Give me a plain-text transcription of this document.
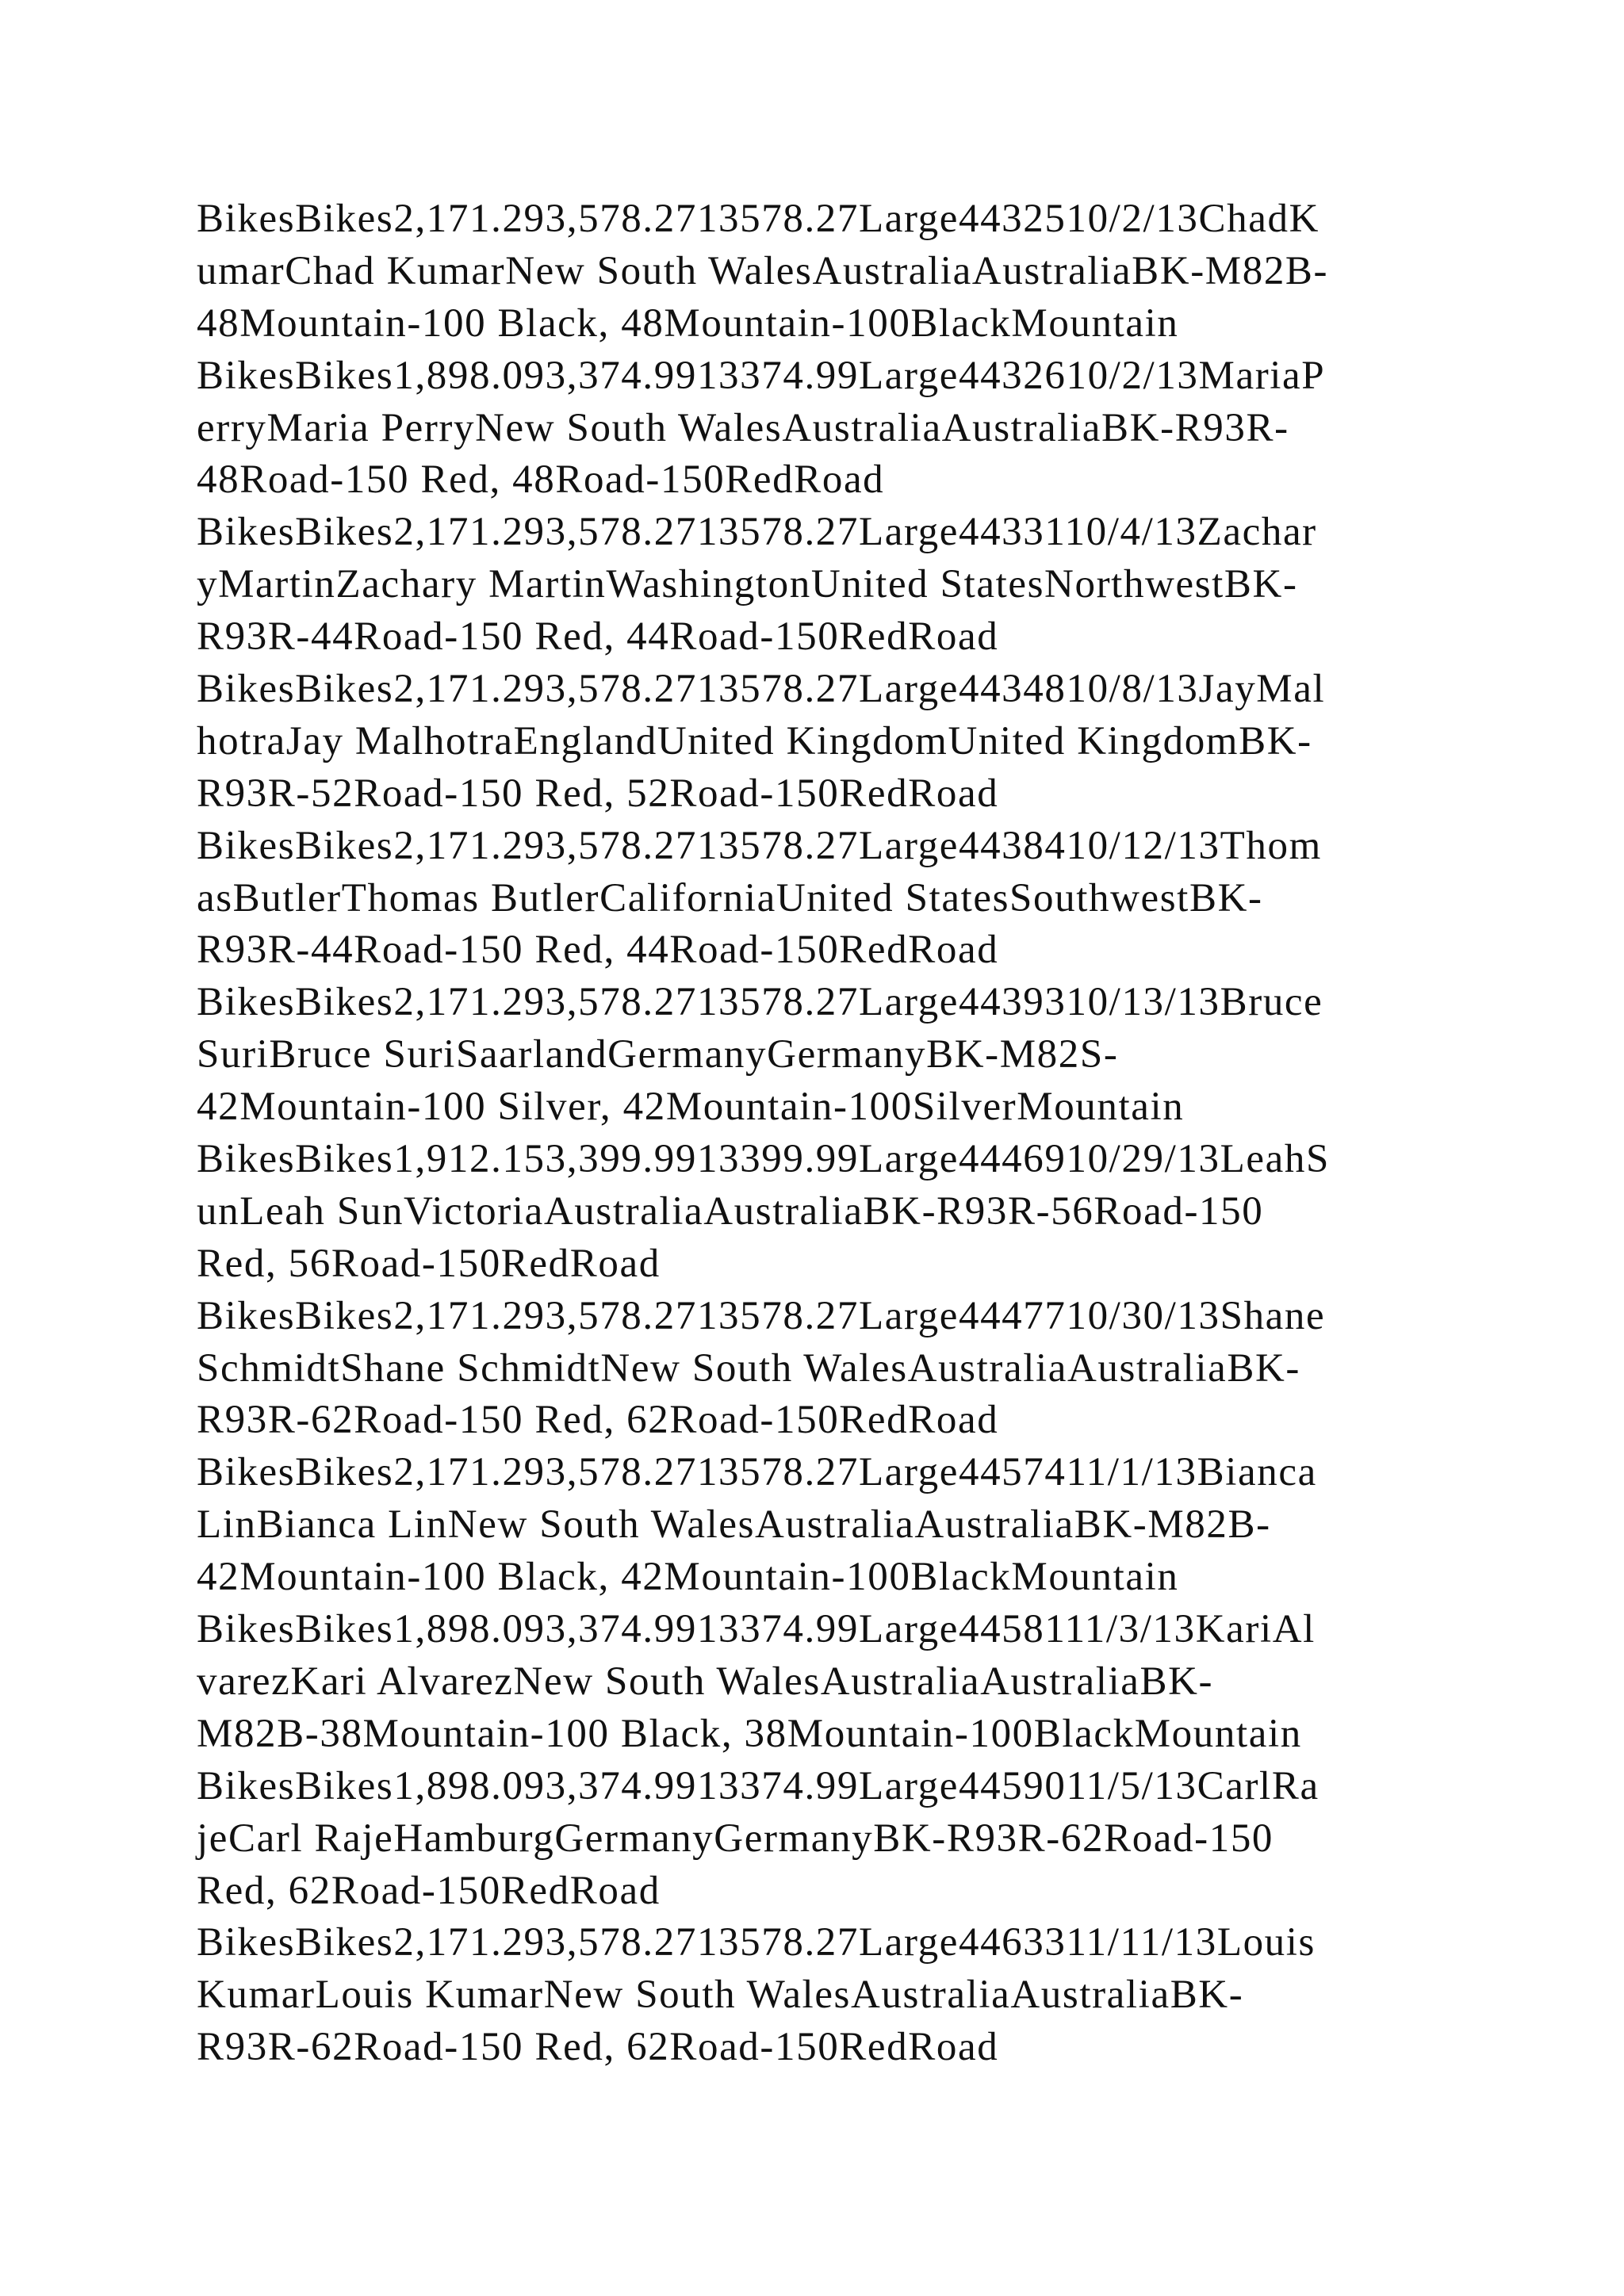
BikesBikes2,171.293,578.2713578.27Large4432510/2/13ChadK
umarChad KumarNew South WalesAustraliaAustraliaBK-M82B-
48Mountain-100 Black, 48Mountain-100BlackMountain
BikesBikes1,898.093,374.9913374.99Large4432610/2/13MariaP
erryMaria PerryNew South WalesAustraliaAustraliaBK-R93R-
48Road-150 Red, 48Road-150RedRoad
BikesBikes2,171.293,578.2713578.27Large4433110/4/13Zachar
yMartinZachary MartinWashingtonUnited StatesNorthwestBK-
R93R-44Road-150 Red, 44Road-150RedRoad
BikesBikes2,171.293,578.2713578.27Large4434810/8/13JayMal
hotraJay MalhotraEnglandUnited KingdomUnited KingdomBK-
R93R-52Road-150 Red, 52Road-150RedRoad
BikesBikes2,171.293,578.2713578.27Large4438410/12/13Thom
asButlerThomas ButlerCaliforniaUnited StatesSouthwestBK-
R93R-44Road-150 Red, 44Road-150RedRoad
BikesBikes2,171.293,578.2713578.27Large4439310/13/13Bruce
SuriBruce SuriSaarlandGermanyGermanyBK-M82S-
42Mountain-100 Silver, 42Mountain-100SilverMountain
BikesBikes1,912.153,399.9913399.99Large4446910/29/13LeahS
unLeah SunVictoriaAustraliaAustraliaBK-R93R-56Road-150
Red, 56Road-150RedRoad
BikesBikes2,171.293,578.2713578.27Large4447710/30/13Shane
SchmidtShane SchmidtNew South WalesAustraliaAustraliaBK-
R93R-62Road-150 Red, 62Road-150RedRoad
BikesBikes2,171.293,578.2713578.27Large4457411/1/13Bianca
LinBianca LinNew South WalesAustraliaAustraliaBK-M82B-
42Mountain-100 Black, 42Mountain-100BlackMountain
BikesBikes1,898.093,374.9913374.99Large4458111/3/13KariAl
varezKari AlvarezNew South WalesAustraliaAustraliaBK-
M82B-38Mountain-100 Black, 38Mountain-100BlackMountain
BikesBikes1,898.093,374.9913374.99Large4459011/5/13CarlRa
jeCarl RajeHamburgGermanyGermanyBK-R93R-62Road-150
Red, 62Road-150RedRoad
BikesBikes2,171.293,578.2713578.27Large4463311/11/13Louis
KumarLouis KumarNew South WalesAustraliaAustraliaBK-
R93R-62Road-150 Red, 62Road-150RedRoad
